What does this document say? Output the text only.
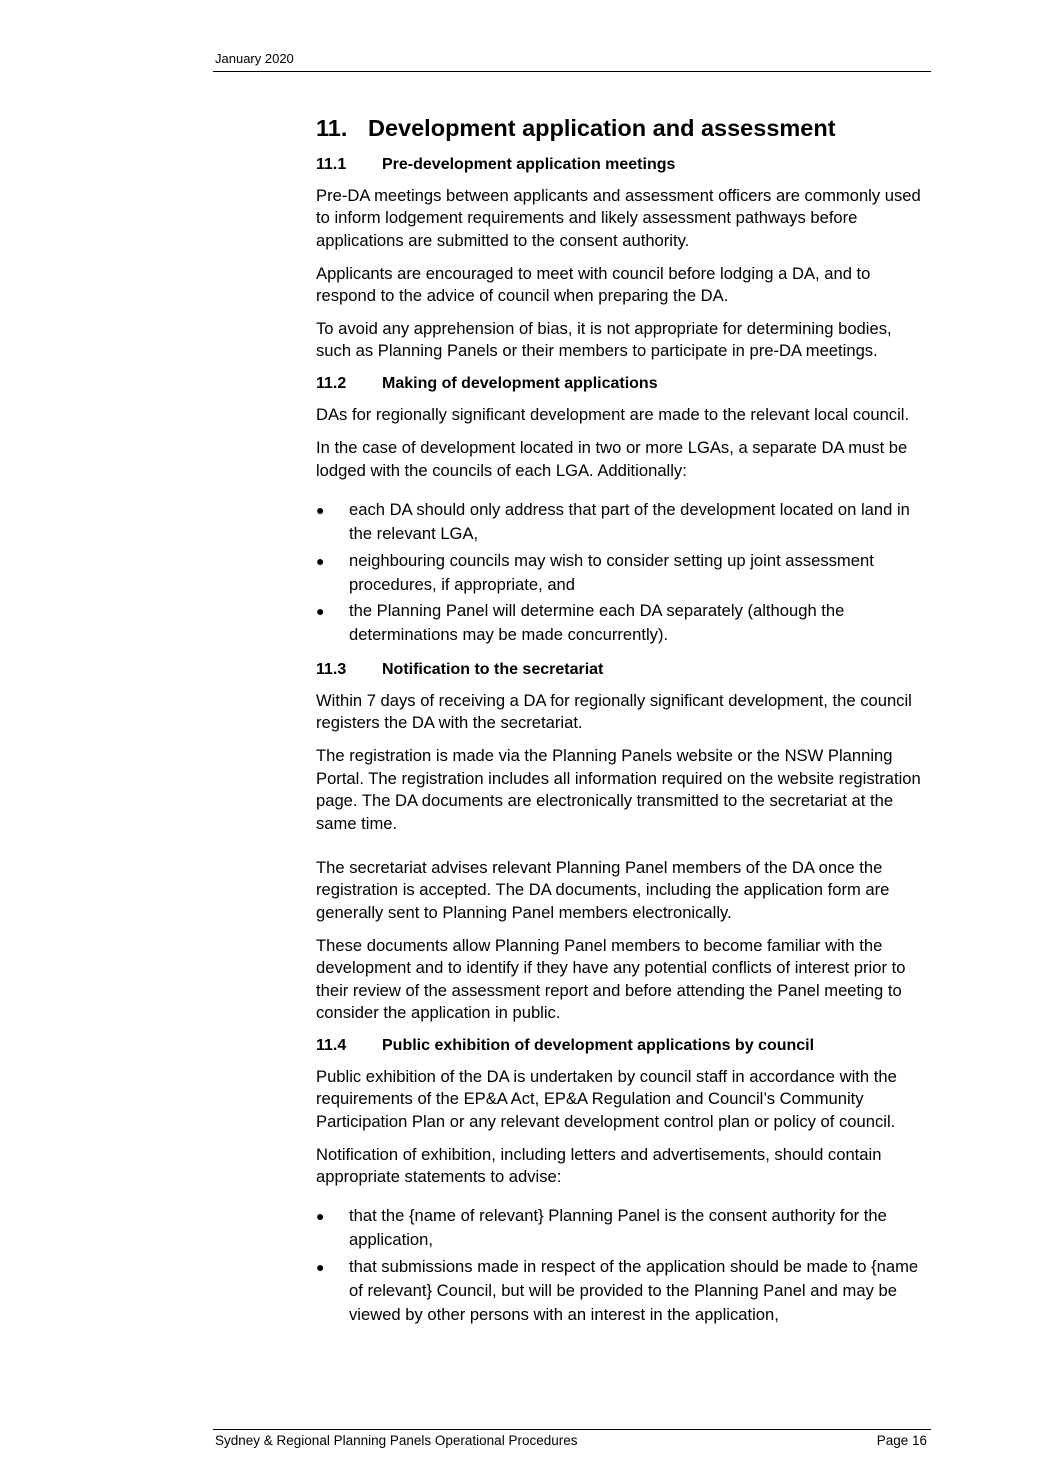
January 2020
11. Development application and assessment
11.1 Pre-development application meetings

Pre-DA meetings between applicants and assessment officers are commonly used to inform lodgement requirements and likely assessment pathways before applications are submitted to the consent authority.

Applicants are encouraged to meet with council before lodging a DA, and to respond to the advice of council when preparing the DA.

To avoid any apprehension of bias, it is not appropriate for determining bodies, such as Planning Panels or their members to participate in pre-DA meetings.

11.2 Making of development applications

DAs for regionally significant development are made to the relevant local council.

In the case of development located in two or more LGAs, a separate DA must be lodged with the councils of each LGA. Additionally:

● each DA should only address that part of the development located on land in the relevant LGA,
● neighbouring councils may wish to consider setting up joint assessment procedures, if appropriate, and
● the Planning Panel will determine each DA separately (although the determinations may be made concurrently).
11.3 Notification to the secretariat

Within 7 days of receiving a DA for regionally significant development, the council registers the DA with the secretariat.

The registration is made via the Planning Panels website or the NSW Planning Portal. The registration includes all information required on the website registration page. The DA documents are electronically transmitted to the secretariat at the same time.

The secretariat advises relevant Planning Panel members of the DA once the registration is accepted. The DA documents, including the application form are generally sent to Planning Panel members electronically.

These documents allow Planning Panel members to become familiar with the development and to identify if they have any potential conflicts of interest prior to their review of the assessment report and before attending the Panel meeting to consider the application in public.

11.4 Public exhibition of development applications by council

Public exhibition of the DA is undertaken by council staff in accordance with the requirements of the EP&A Act, EP&A Regulation and Council’s Community Participation Plan or any relevant development control plan or policy of council.

Notification of exhibition, including letters and advertisements, should contain appropriate statements to advise:

● that the {name of relevant} Planning Panel is the consent authority for the application,
● that submissions made in respect of the application should be made to {name of relevant} Council, but will be provided to the Planning Panel and may be viewed by other persons with an interest in the application,
Sydney & Regional Planning Panels Operational Procedures	Page 16
